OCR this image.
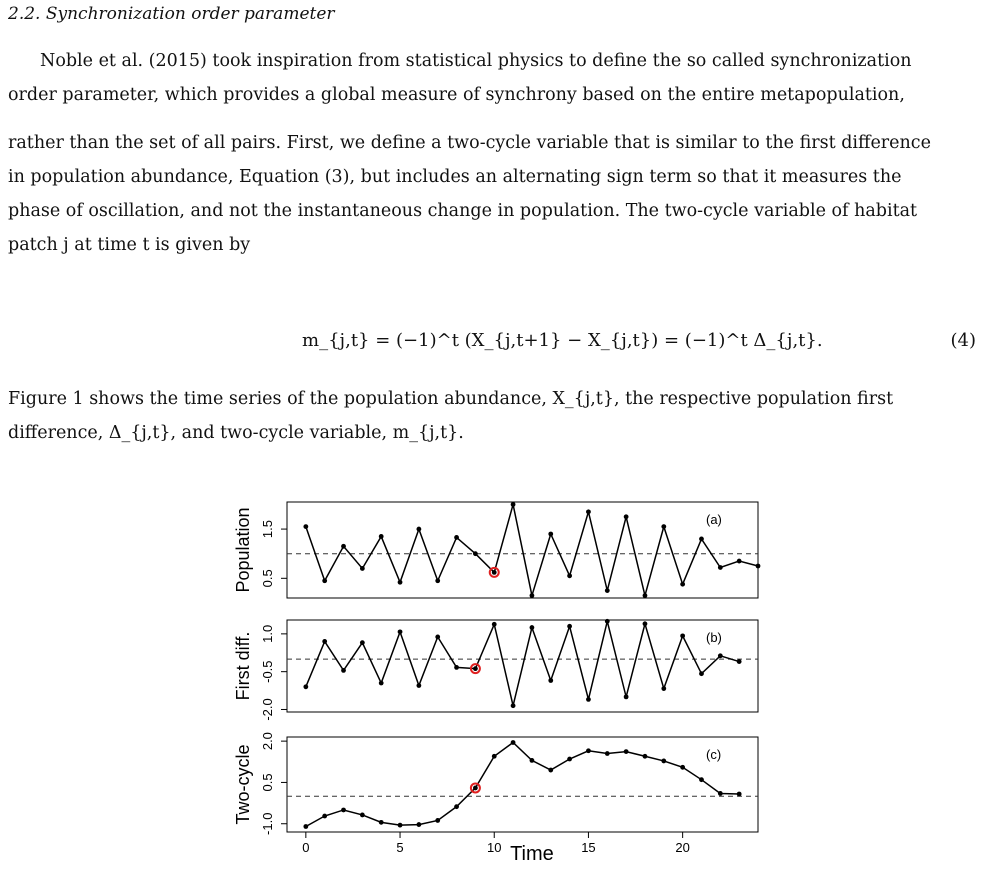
2.2. Synchronization order parameter
Noble et al. (2015) took inspiration from statistical physics to define the so called synchronization
order parameter, which provides a global measure of synchrony based on the entire metapopulation,
rather than the set of all pairs. First, we define a two-cycle variable that is similar to the first difference
in population abundance, Equation (3), but includes an alternating sign term so that it measures the
phase of oscillation, and not the instantaneous change in population. The two-cycle variable of habitat
patch j at time t is given by
m_{j,t} = (−1)^t (X_{j,t+1} − X_{j,t}) = (−1)^t Δ_{j,t}.	(4)
Figure 1 shows the time series of the population abundance, X_{j,t}, the respective population first
difference, Δ_{j,t}, and two-cycle variable, m_{j,t}.
0.5
1.5
Population	(a)
-2.0
-0.5
1.0
First diff.	(b)
-1.0
0.5
2.0
Two-cycle	(c)
0	5	10	15	20
Time
